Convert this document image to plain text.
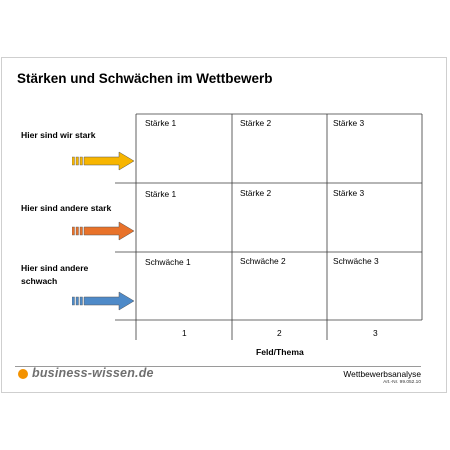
Stärken und Schwächen im Wettbewerb
Hier sind wir stark
Hier sind andere stark
Hier sind andere schwach
Stärke 1	Stärke 2	Stärke 3
Stärke 1	Stärke 2	Stärke 3
Schwäche 1	Schwäche 2	Schwäche 3
1	2	3
Feld/Thema
business-wissen.de	Wettbewerbsanalyse
Art.-Nr. 99.052.10
